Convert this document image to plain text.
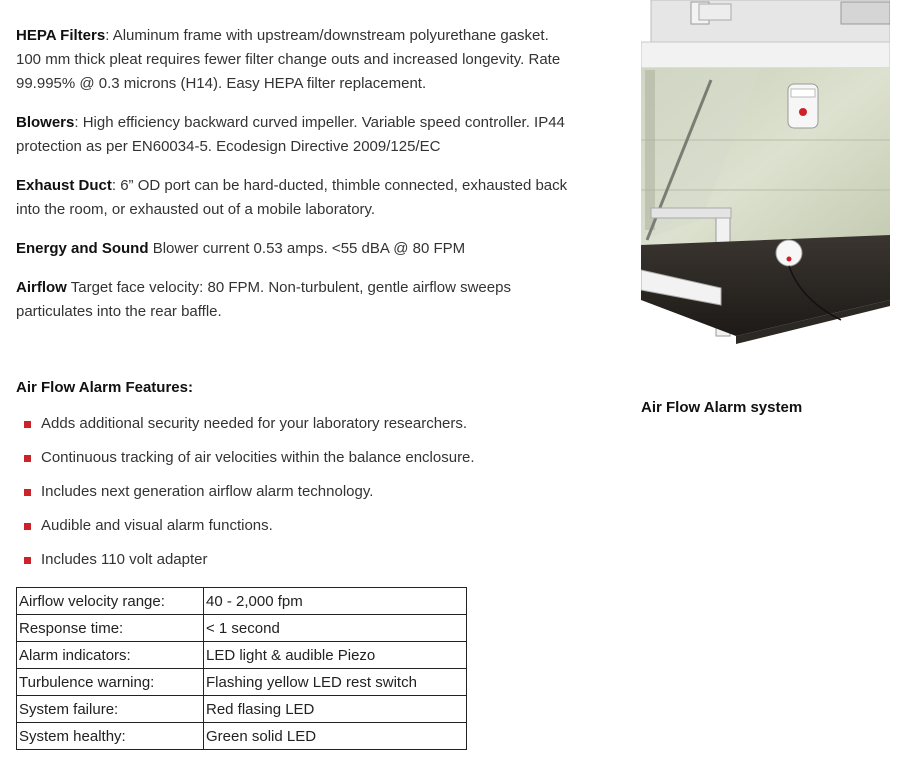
HEPA Filters: Aluminum frame with upstream/downstream polyurethane gasket. 100 mm thick pleat requires fewer filter change outs and increased longevity. Rate 99.995% @ 0.3 microns (H14). Easy HEPA filter replacement.

Blowers: High efficiency backward curved impeller. Variable speed controller. IP44 protection as per EN60034-5. Ecodesign Directive 2009/125/EC

Exhaust Duct: 6” OD port can be hard-ducted, thimble connected, exhausted back into the room, or exhausted out of a mobile laboratory.

Energy and Sound Blower current 0.53 amps. <55 dBA @ 80 FPM

Airflow Target face velocity: 80 FPM. Non-turbulent, gentle airflow sweeps particulates into the rear baffle.

Air Flow Alarm Features:
Adds additional security needed for your laboratory researchers.
Continuous tracking of air velocities within the balance enclosure.
Includes next generation airflow alarm technology.
Audible and visual alarm functions.
Includes 110 volt adapter
Airflow velocity range:	40 - 2,000 fpm
Response time:	< 1 second
Alarm indicators:	LED light & audible Piezo
Turbulence warning:	Flashing yellow LED rest switch
System failure:	Red flasing LED
System healthy:	Green solid LED
Air Flow Alarm system
